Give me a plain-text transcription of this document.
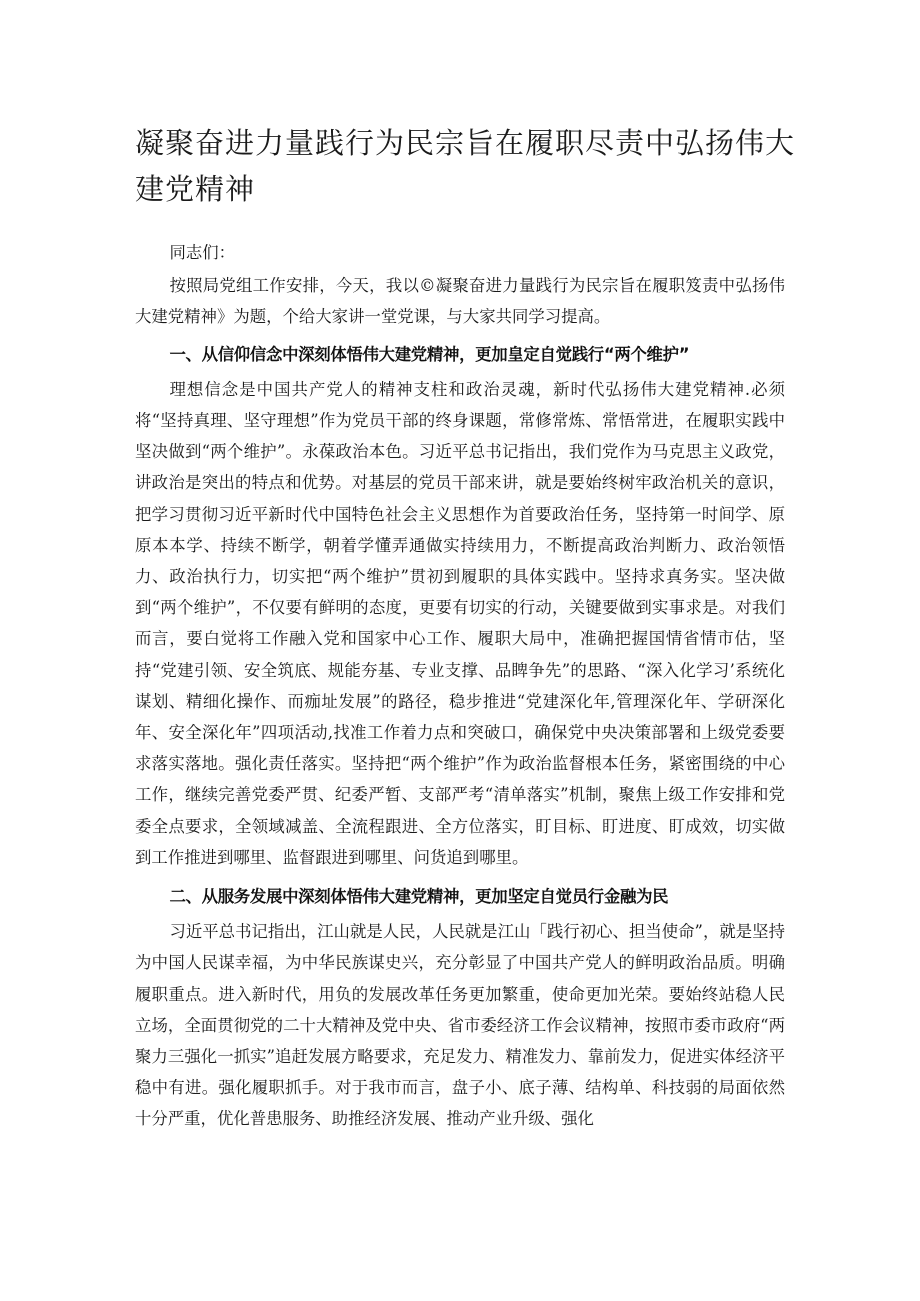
凝聚奋进力量践行为民宗旨在履职尽责中弘扬伟大建党精神

同志们：

按照局党组工作安排，今天，我以©凝聚奋进力量践行为民宗旨在履职笈责中弘扬伟大建党精神》为题，个给大家讲一堂党课，与大家共同学习提高。

一、从信仰信念中深刻体悟伟大建党精神，更加皇定自觉践行“两个维护”

理想信念是中国共产党人的精神支柱和政治灵魂，新时代弘扬伟大建党精神.必须将“坚持真理、坚守理想”作为党员干部的终身课题，常修常炼、常悟常进，在履职实践中坚决做到“两个维护”。永葆政治本色。习近平总书记指出，我们党作为马克思主义政党，讲政治是突出的特点和优势。对基层的党员干部来讲，就是要始终树牢政治机关的意识，把学习贯彻习近平新时代中国特色社会主义思想作为首要政治任务，坚持第一时间学、原原本本学、持续不断学，朝着学懂弄通做实持续用力，不断提高政治判断力、政治领悟力、政治执行力，切实把“两个维护”贯初到履职的具体实践中。坚持求真务实。坚决做到“两个维护”，不仅要有鲜明的态度，更要有切实的行动，关键要做到实事求是。对我们而言，要白觉将工作融入党和国家中心工作、履职大局中，准确把握国情省情市估，坚持“党建引领、安全筑底、规能夯基、专业支撑、品睥争先”的思路、“深入化学习’系统化谋划、精细化操作、而痂址发展”的路径，稳步推进“党建深化年,管理深化年、学研深化年、安全深化年”四项活动,找准工作着力点和突破口，确保党中央决策部署和上级党委要求落实落地。强化责任落实。坚持把“两个维护”作为政治监督根本任务，紧密围绕的中心工作，继续完善党委严贯、纪委严暂、支部严考“清单落实”机制，聚焦上级工作安排和党委全点要求，全领域减盖、全流程跟进、全方位落实，盯目标、盯进度、盯成效，切实做到工作推进到哪里、监督跟进到哪里、问货追到哪里。

二、从服务发展中深刻体悟伟大建党精神，更加坚定自觉员行金融为民

习近平总书记指出，江山就是人民，人民就是江山「践行初心、担当使命”，就是坚持为中国人民谋幸福，为中华民族谋史兴，充分彰显了中国共产党人的鲜明政治品质。明确履职重点。进入新时代，用负的发展改革任务更加繁重，使命更加光荣。要始终站稳人民立场，全面贯彻党的二十大精神及党中央、省市委经济工作会议精神，按照市委市政府“两聚力三强化一抓实”追赶发展方略要求，充足发力、精准发力、靠前发力，促进实体经济平稳中有进。强化履职抓手。对于我市而言，盘子小、底子薄、结构单、科技弱的局面依然十分严重，优化普患服务、助推经济发展、推动产业升级、强化
